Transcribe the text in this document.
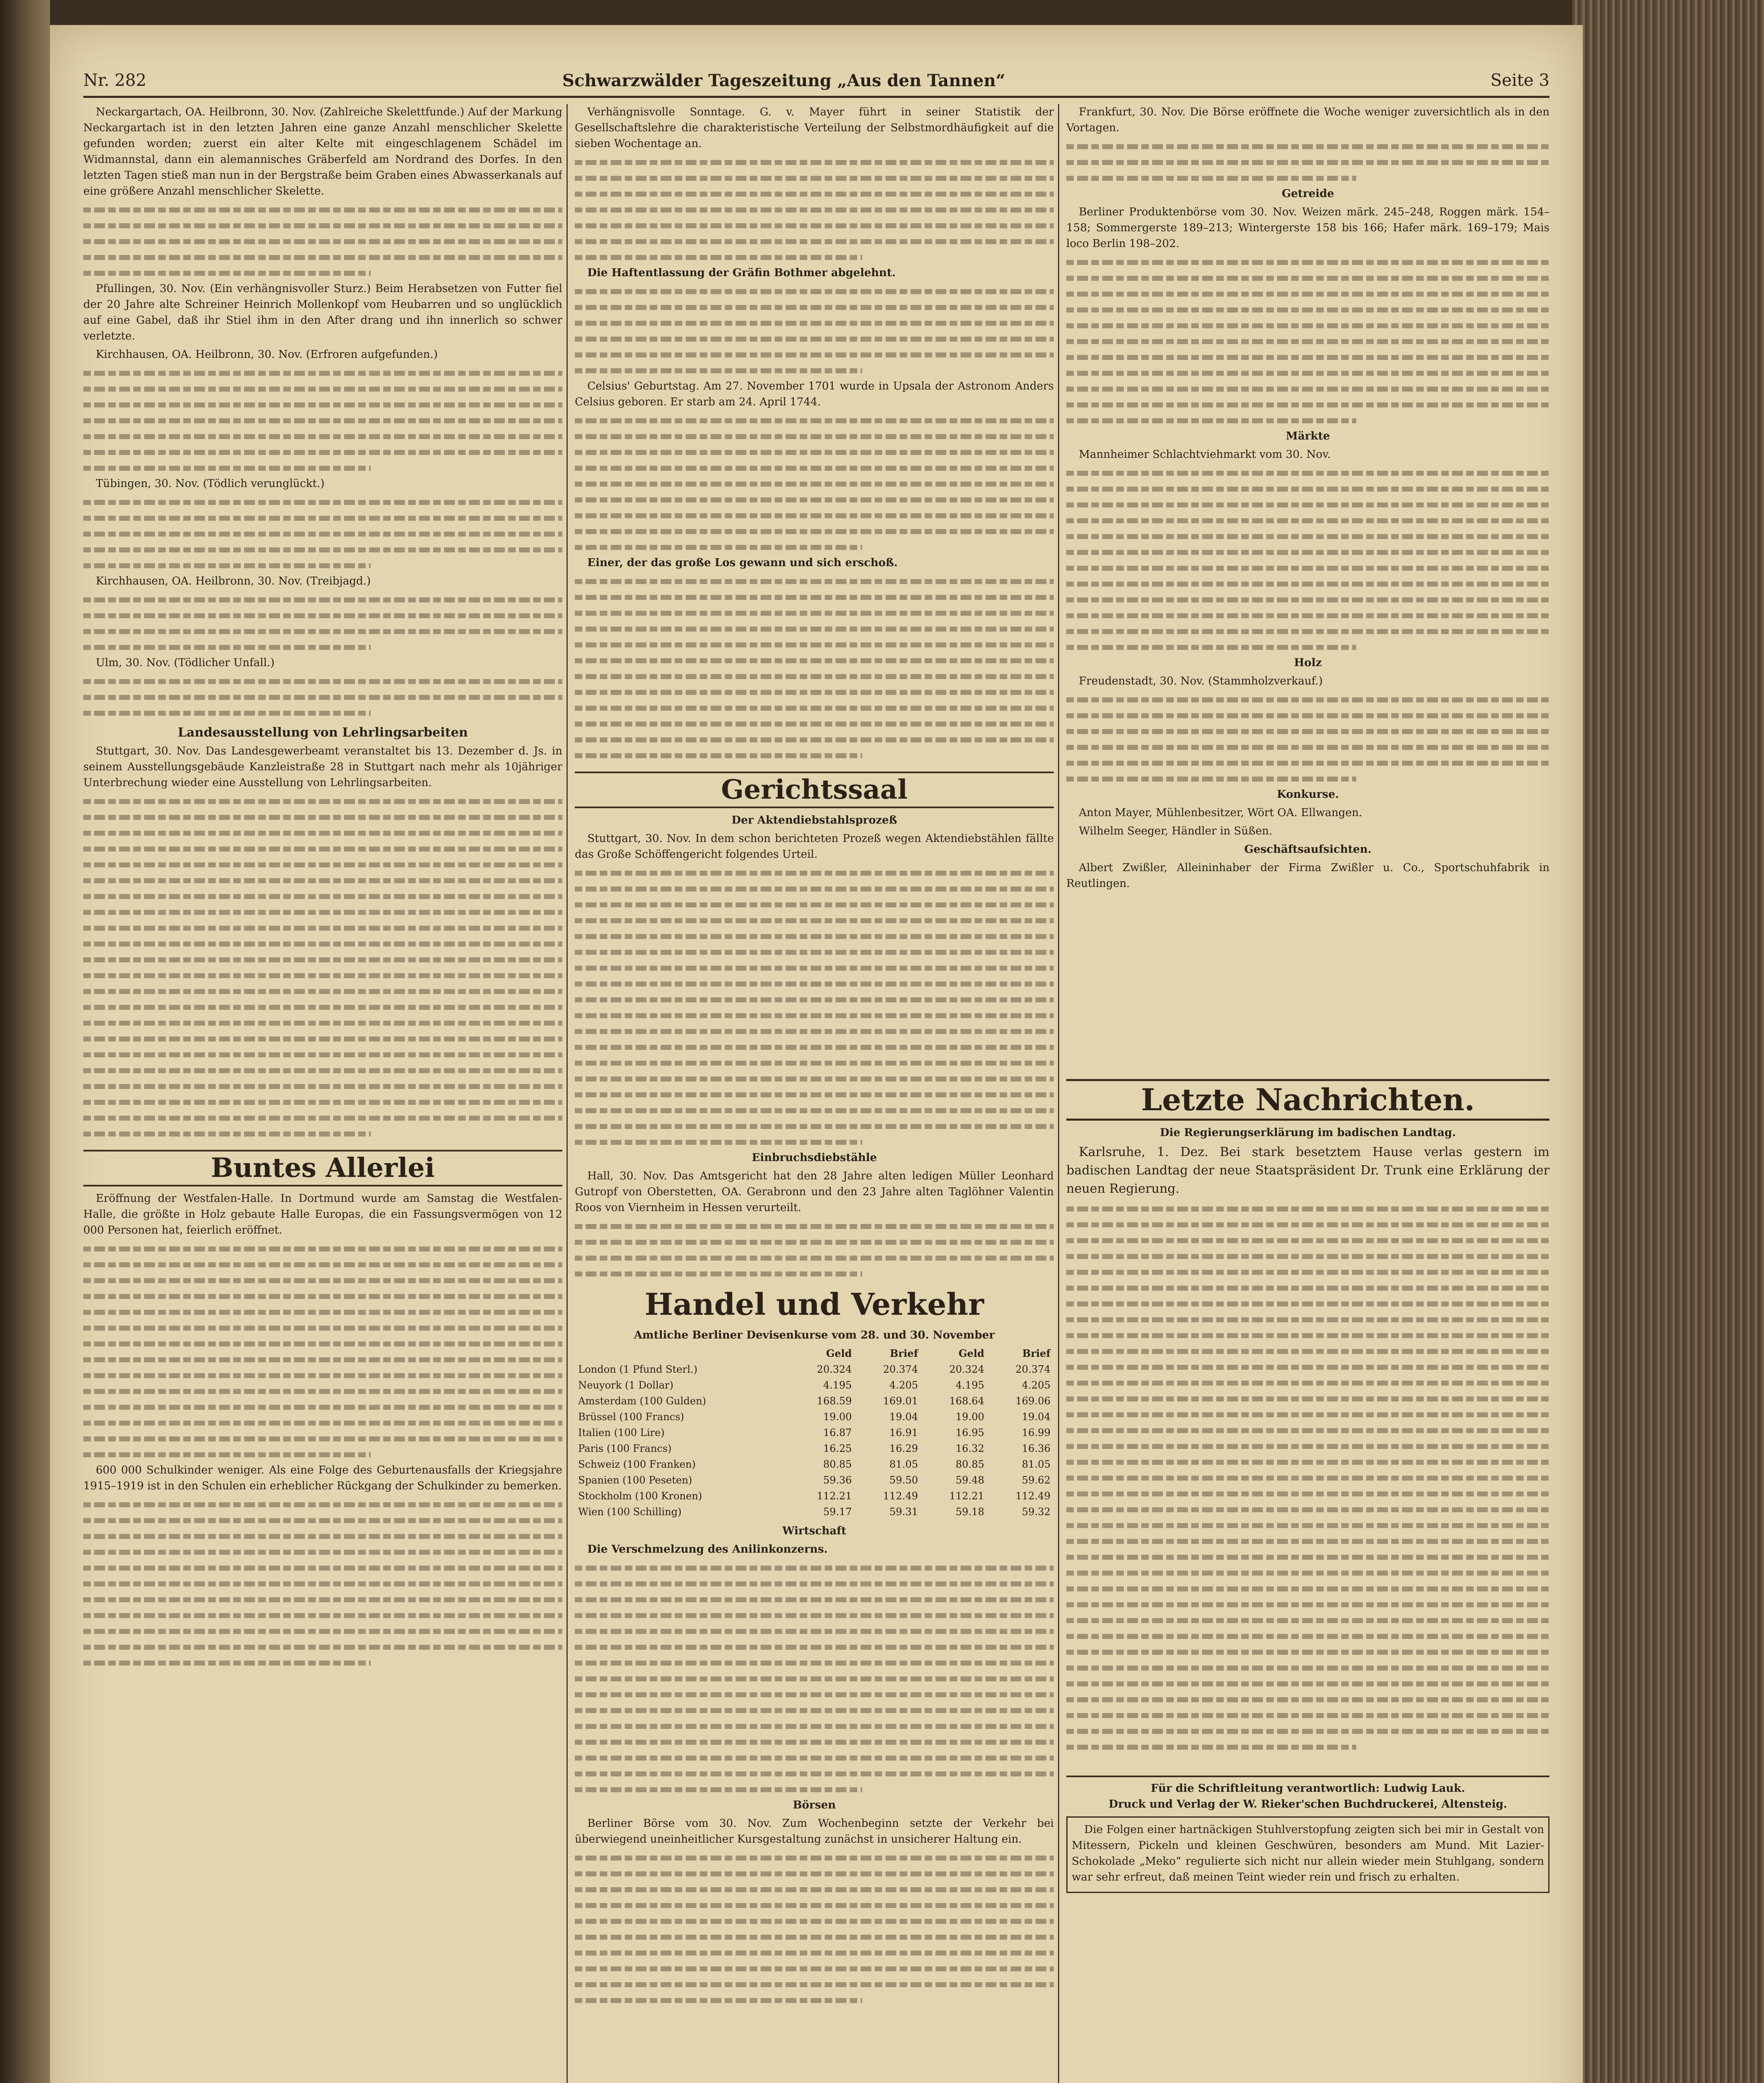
Nr. 282	Schwarzwälder Tageszeitung „Aus den Tannen“	Seite 3

Neckargartach, OA. Heilbronn, 30. Nov. (Zahlreiche Skelettfunde.) Auf der Markung Neckargartach ist in den letzten Jahren eine ganze Anzahl menschlicher Skelette gefunden worden; zuerst ein alter Kelte mit eingeschlagenem Schädel im Widmannstal, dann ein alemannisches Gräberfeld am Nordrand des Dorfes. In den letzten Tagen stieß man nun in der Bergstraße beim Graben eines Abwasserkanals auf eine größere Anzahl menschlicher Skelette.

Pfullingen, 30. Nov. (Ein verhängnisvoller Sturz.) Beim Herabsetzen von Futter fiel der 20 Jahre alte Schreiner Heinrich Mollenkopf vom Heubarren und so unglücklich auf eine Gabel, daß ihr Stiel ihm in den After drang und ihn innerlich so schwer verletzte.

Kirchhausen, OA. Heilbronn, 30. Nov. (Erfroren aufgefunden.)

Tübingen, 30. Nov. (Tödlich verunglückt.)

Kirchhausen, OA. Heilbronn, 30. Nov. (Treibjagd.)

Ulm, 30. Nov. (Tödlicher Unfall.)

Landesausstellung von Lehrlingsarbeiten

Stuttgart, 30. Nov. Das Landesgewerbeamt veranstaltet bis 13. Dezember d. Js. in seinem Ausstellungsgebäude Kanzleistraße 28 in Stuttgart nach mehr als 10jähriger Unterbrechung wieder eine Ausstellung von Lehrlingsarbeiten.

Buntes Allerlei

Eröffnung der Westfalen-Halle. In Dortmund wurde am Samstag die Westfalen-Halle, die größte in Holz gebaute Halle Europas, die ein Fassungsvermögen von 12 000 Personen hat, feierlich eröffnet.

600 000 Schulkinder weniger. Als eine Folge des Geburtenausfalls der Kriegsjahre 1915–1919 ist in den Schulen ein erheblicher Rückgang der Schulkinder zu bemerken.

Verhängnisvolle Sonntage. G. v. Mayer führt in seiner Statistik der Gesellschaftslehre die charakteristische Verteilung der Selbstmordhäufigkeit auf die sieben Wochentage an.

Die Haftentlassung der Gräfin Bothmer abgelehnt.

Celsius' Geburtstag. Am 27. November 1701 wurde in Upsala der Astronom Anders Celsius geboren. Er starb am 24. April 1744.

Einer, der das große Los gewann und sich erschoß.

Gerichtssaal
Der Aktendiebstahlsprozeß

Stuttgart, 30. Nov. In dem schon berichteten Prozeß wegen Aktendiebstählen fällte das Große Schöffengericht folgendes Urteil.

Einbruchsdiebstähle

Hall, 30. Nov. Das Amtsgericht hat den 28 Jahre alten ledigen Müller Leonhard Gutropf von Oberstetten, OA. Gerabronn und den 23 Jahre alten Taglöhner Valentin Roos von Viernheim in Hessen verurteilt.

Handel und Verkehr
Amtliche Berliner Devisenkurse vom 28. und 30. November
	Geld	Brief	Geld	Brief
London (1 Pfund Sterl.)	20.324	20.374	20.324	20.374
Neuyork (1 Dollar)	4.195	4.205	4.195	4.205
Amsterdam (100 Gulden)	168.59	169.01	168.64	169.06
Brüssel (100 Francs)	19.00	19.04	19.00	19.04
Italien (100 Lire)	16.87	16.91	16.95	16.99
Paris (100 Francs)	16.25	16.29	16.32	16.36
Schweiz (100 Franken)	80.85	81.05	80.85	81.05
Spanien (100 Peseten)	59.36	59.50	59.48	59.62
Stockholm (100 Kronen)	112.21	112.49	112.21	112.49
Wien (100 Schilling)	59.17	59.31	59.18	59.32
Wirtschaft

Die Verschmelzung des Anilinkonzerns.

Börsen

Berliner Börse vom 30. Nov. Zum Wochenbeginn setzte der Verkehr bei überwiegend uneinheitlicher Kursgestaltung zunächst in unsicherer Haltung ein.

Frankfurt, 30. Nov. Die Börse eröffnete die Woche weniger zuversichtlich als in den Vortagen.

Getreide

Berliner Produktenbörse vom 30. Nov. Weizen märk. 245–248, Roggen märk. 154–158; Sommergerste 189–213; Wintergerste 158 bis 166; Hafer märk. 169–179; Mais loco Berlin 198–202.

Märkte

Mannheimer Schlachtviehmarkt vom 30. Nov.

Holz

Freudenstadt, 30. Nov. (Stammholzverkauf.)

Konkurse.

Anton Mayer, Mühlenbesitzer, Wört OA. Ellwangen.

Wilhelm Seeger, Händler in Süßen.

Geschäftsaufsichten.

Albert Zwißler, Alleininhaber der Firma Zwißler u. Co., Sportschuhfabrik in Reutlingen.

Letzte Nachrichten.
Die Regierungserklärung im badischen Landtag.

Karlsruhe, 1. Dez. Bei stark besetztem Hause verlas gestern im badischen Landtag der neue Staatspräsident Dr. Trunk eine Erklärung der neuen Regierung.

Für die Schriftleitung verantwortlich: Ludwig Lauk.
Druck und Verlag der W. Rieker'schen Buchdruckerei, Altensteig.

Die Folgen einer hartnäckigen Stuhlverstopfung zeigten sich bei mir in Gestalt von Mitessern, Pickeln und kleinen Geschwüren, besonders am Mund. Mit Lazier-Schokolade „Meko“ regulierte sich nicht nur allein wieder mein Stuhlgang, sondern war sehr erfreut, daß meinen Teint wieder rein und frisch zu erhalten.
